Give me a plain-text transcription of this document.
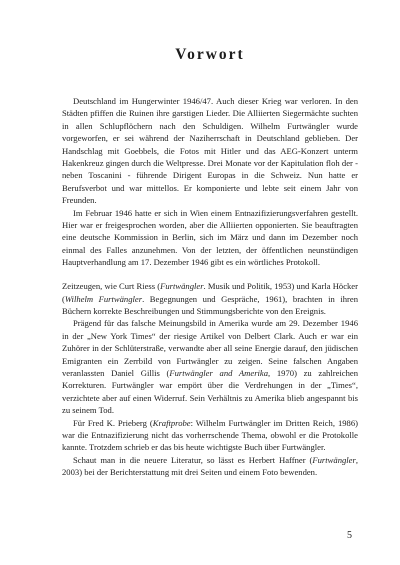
Vorwort

Deutschland im Hungerwinter 1946/47. Auch dieser Krieg war verloren. In den Städten pfiffen die Ruinen ihre garstigen Lieder. Die Alliierten Siegermächte suchten in allen Schlupflöchern nach den Schuldigen. Wilhelm Furtwängler wurde vorgeworfen, er sei während der Naziherrschaft in Deutschland geblieben. Der Handschlag mit Goebbels, die Fotos mit Hitler und das AEG-Konzert unterm Hakenkreuz gingen durch die Weltpresse. Drei Monate vor der Kapitulation floh der - neben Toscanini - führende Dirigent Europas in die Schweiz. Nun hatte er Berufsverbot und war mittellos. Er komponierte und lebte seit einem Jahr von Freunden.

Im Februar 1946 hatte er sich in Wien einem Entnazifizierungsverfahren gestellt. Hier war er freigesprochen worden, aber die Alliierten opponierten. Sie beauftragten eine deutsche Kommission in Berlin, sich im März und dann im Dezember noch einmal des Falles anzunehmen. Von der letzten, der öffentlichen neunstündigen Hauptverhandlung am 17. Dezember 1946 gibt es ein wörtliches Protokoll.

Zeitzeugen, wie Curt Riess (Furtwängler. Musik und Politik, 1953) und Karla Höcker (Wilhelm Furtwängler. Begegnungen und Gespräche, 1961), brachten in ihren Büchern korrekte Beschreibungen und Stimmungsberichte von den Ereignis.

Prägend für das falsche Meinungsbild in Amerika wurde am 29. Dezember 1946 in der „New York Times“ der riesige Artikel von Delbert Clark. Auch er war ein Zuhörer in der Schlüterstraße, verwandte aber all seine Energie darauf, den jüdischen Emigranten ein Zerrbild von Furtwängler zu zeigen. Seine falschen Angaben veranlassten Daniel Gillis (Furtwängler and Amerika, 1970) zu zahlreichen Korrekturen. Furtwängler war empört über die Verdrehungen in der „Times“, verzichtete aber auf einen Widerruf. Sein Verhältnis zu Amerika blieb angespannt bis zu seinem Tod.

Für Fred K. Prieberg (Kraftprobe: Wilhelm Furtwängler im Dritten Reich, 1986) war die Entnazifizierung nicht das vorherrschende Thema, obwohl er die Protokolle kannte. Trotzdem schrieb er das bis heute wichtigste Buch über Furtwängler.

Schaut man in die neuere Literatur, so lässt es Herbert Haffner (Furtwängler, 2003) bei der Berichterstattung mit drei Seiten und einem Foto bewenden.

5
